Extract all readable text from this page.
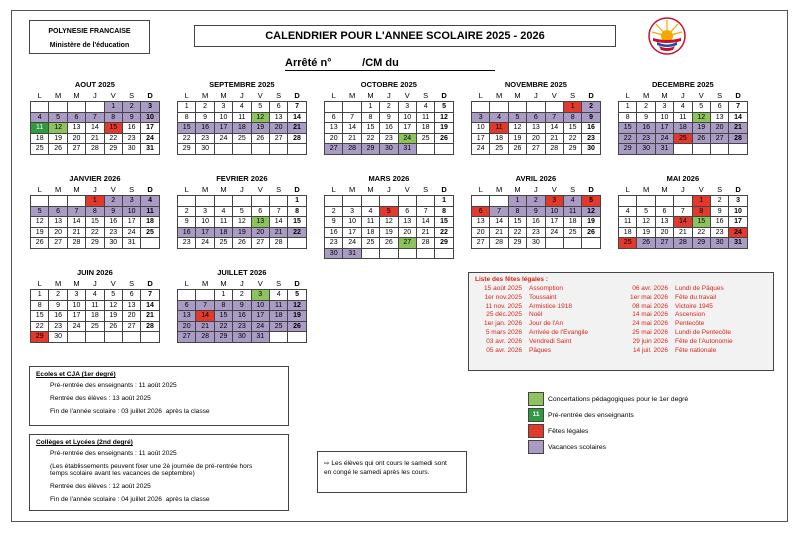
POLYNESIE FRANCAISE
Ministère de l'éducation
CALENDRIER POUR L'ANNEE SCOLAIRE 2025 - 2026
Arrêté n°          /CM du
AOUT 2025
L	M	M	J	V	S	D
				1	2	3
4	5	6	7	8	9	10
11	12	13	14	15	16	17
18	19	20	21	22	23	24
25	26	27	28	29	30	31
SEPTEMBRE 2025
L	M	M	J	V	S	D
1	2	3	4	5	6	7
8	9	10	11	12	13	14
15	16	17	18	19	20	21
22	23	24	25	26	27	28
29	30					
OCTOBRE 2025
L	M	M	J	V	S	D
		1	2	3	4	5
6	7	8	9	10	11	12
13	14	15	16	17	18	19
20	21	22	23	24	25	26
27	28	29	30	31		
NOVEMBRE 2025
L	M	M	J	V	S	D
					1	2
3	4	5	6	7	8	9
10	11	12	13	14	15	16
17	18	19	20	21	22	23
24	25	26	27	28	29	30
DECEMBRE 2025
L	M	M	J	V	S	D
1	2	3	4	5	6	7
8	9	10	11	12	13	14
15	16	17	18	19	20	21
22	23	24	25	26	27	28
29	30	31				
JANVIER 2026
L	M	M	J	V	S	D
			1	2	3	4
5	6	7	8	9	10	11
12	13	14	15	16	17	18
19	20	21	22	23	24	25
26	27	28	29	30	31	
FEVRIER 2026
L	M	M	J	V	S	D
						1
2	3	4	5	6	7	8
9	10	11	12	13	14	15
16	17	18	19	20	21	22
23	24	25	26	27	28	
MARS 2026
L	M	M	J	V	S	D
						1
2	3	4	5	6	7	8
9	10	11	12	13	14	15
16	17	18	19	20	21	22
23	24	25	26	27	28	29
30	31					
AVRIL 2026
L	M	M	J	V	S	D
		1	2	3	4	5
6	7	8	9	10	11	12
13	14	15	16	17	18	19
20	21	22	23	24	25	26
27	28	29	30			
MAI 2026
L	M	M	J	V	S	D
				1	2	3
4	5	6	7	8	9	10
11	12	13	14	15	16	17
18	19	20	21	22	23	24
25	26	27	28	29	30	31
JUIN 2026
L	M	M	J	V	S	D
1	2	3	4	5	6	7
8	9	10	11	12	13	14
15	16	17	18	19	20	21
22	23	24	25	26	27	28
29	30					
JUILLET 2026
L	M	M	J	V	S	D
		1	2	3	4	5
6	7	8	9	10	11	12
13	14	15	16	17	18	19
20	21	22	23	24	25	26
27	28	29	30	31		
Liste des fêtes légales :
15 août 2025	Assomption	06 avr. 2026	Lundi de Pâques
1er nov.2025	Toussaint	1er mai 2026	Fête du travail
11 nov. 2025	Armistice 1918	08 mai 2026	Victoire 1945
25 déc.2025	Noël	14 mai 2026	Ascension
1er jan. 2026	Jour de l'An	24 mai 2026	Pentecôte
5 mars 2026	Arrivée de l'Evangile	25 mai 2026	Lundi de Pentecôte
03 avr. 2026	Vendredi Saint	29 juin 2026	Fête de l'Autonomie
05 avr. 2026	Pâques	14 juil. 2026	Fête nationale
Ecoles et CJA (1er degré)
Pré-rentrée des enseignants : 11 août 2025
Rentrée des élèves : 13 août 2025
Fin de l'année scolaire : 03 juillet 2026  après la classe
Collèges et Lycées (2nd degré)
Pré-rentrée des enseignants : 11 août 2025
(Les établissements peuvent fixer une 2è journée de pré-rentrée hors
temps scolaire avant les vacances de septembre)
Rentrée des élèves : 12 août 2025
Fin de l'année scolaire : 04 juillet 2026  après la classe
⇨ Les élèves qui ont cours le samedi sont
en congé le samedi après les cours.
Concertations pédagogiques pour le 1er degré
11	Pré-rentrée des enseignants
Fêtes légales
Vacances scolaires
